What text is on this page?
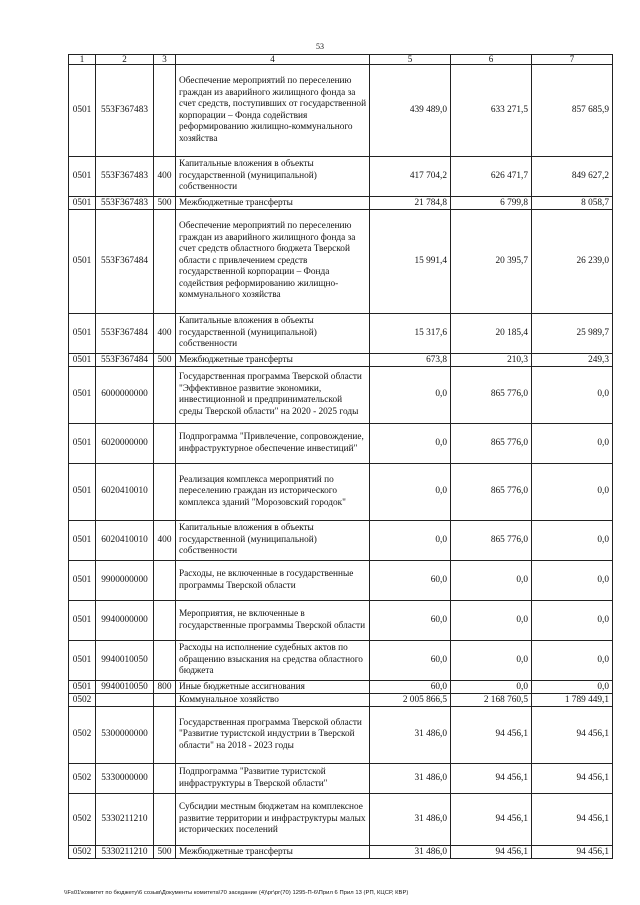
53
1	2	3	4	5	6	7
0501	553F367483		Обеспечение мероприятий по переселению граждан из аварийного жилищного фонда за счет средств, поступивших от государственной корпорации – Фонда содействия реформированию жилищно-коммунального хозяйства	439 489,0	633 271,5	857 685,9
0501	553F367483	400	Капитальные вложения в объекты государственной (муниципальной) собственности	417 704,2	626 471,7	849 627,2
0501	553F367483	500	Межбюджетные трансферты	21 784,8	6 799,8	8 058,7
0501	553F367484		Обеспечение мероприятий по переселению граждан из аварийного жилищного фонда за счет средств областного бюджета Тверской области с привлечением средств государственной корпорации – Фонда содействия реформированию жилищно-коммунального хозяйства	15 991,4	20 395,7	26 239,0
0501	553F367484	400	Капитальные вложения в объекты государственной (муниципальной) собственности	15 317,6	20 185,4	25 989,7
0501	553F367484	500	Межбюджетные трансферты	673,8	210,3	249,3
0501	6000000000		Государственная программа Тверской области "Эффективное развитие экономики, инвестиционной и предпринимательской среды Тверской области" на 2020 - 2025 годы	0,0	865 776,0	0,0
0501	6020000000		Подпрограмма "Привлечение, сопровождение, инфраструктурное обеспечение инвестиций"	0,0	865 776,0	0,0
0501	6020410010		Реализация комплекса мероприятий по переселению граждан из исторического комплекса зданий "Морозовский городок"	0,0	865 776,0	0,0
0501	6020410010	400	Капитальные вложения в объекты государственной (муниципальной) собственности	0,0	865 776,0	0,0
0501	9900000000		Расходы, не включенные в государственные программы Тверской области	60,0	0,0	0,0
0501	9940000000		Мероприятия, не включенные в государственные программы Тверской области	60,0	0,0	0,0
0501	9940010050		Расходы на исполнение судебных актов по обращению взыскания на средства областного бюджета	60,0	0,0	0,0
0501	9940010050	800	Иные бюджетные ассигнования	60,0	0,0	0,0
0502			Коммунальное хозяйство	2 005 866,5	2 168 760,5	1 789 449,1
0502	5300000000		Государственная программа Тверской области "Развитие туристской индустрии в Тверской области" на 2018 - 2023 годы	31 486,0	94 456,1	94 456,1
0502	5330000000		Подпрограмма "Развитие туристской инфраструктуры в Тверской области"	31 486,0	94 456,1	94 456,1
0502	5330211210		Субсидии местным бюджетам на комплексное развитие территории и инфраструктуры малых исторических поселений	31 486,0	94 456,1	94 456,1
0502	5330211210	500	Межбюджетные трансферты	31 486,0	94 456,1	94 456,1
\\Fs01\комитет по бюджету\6 созыв\Документы комитета\70 заседание (4)\рг\рг(70) 1295-П-6\Прил 6 Прил 13 (РП, КЦСР, КВР)
